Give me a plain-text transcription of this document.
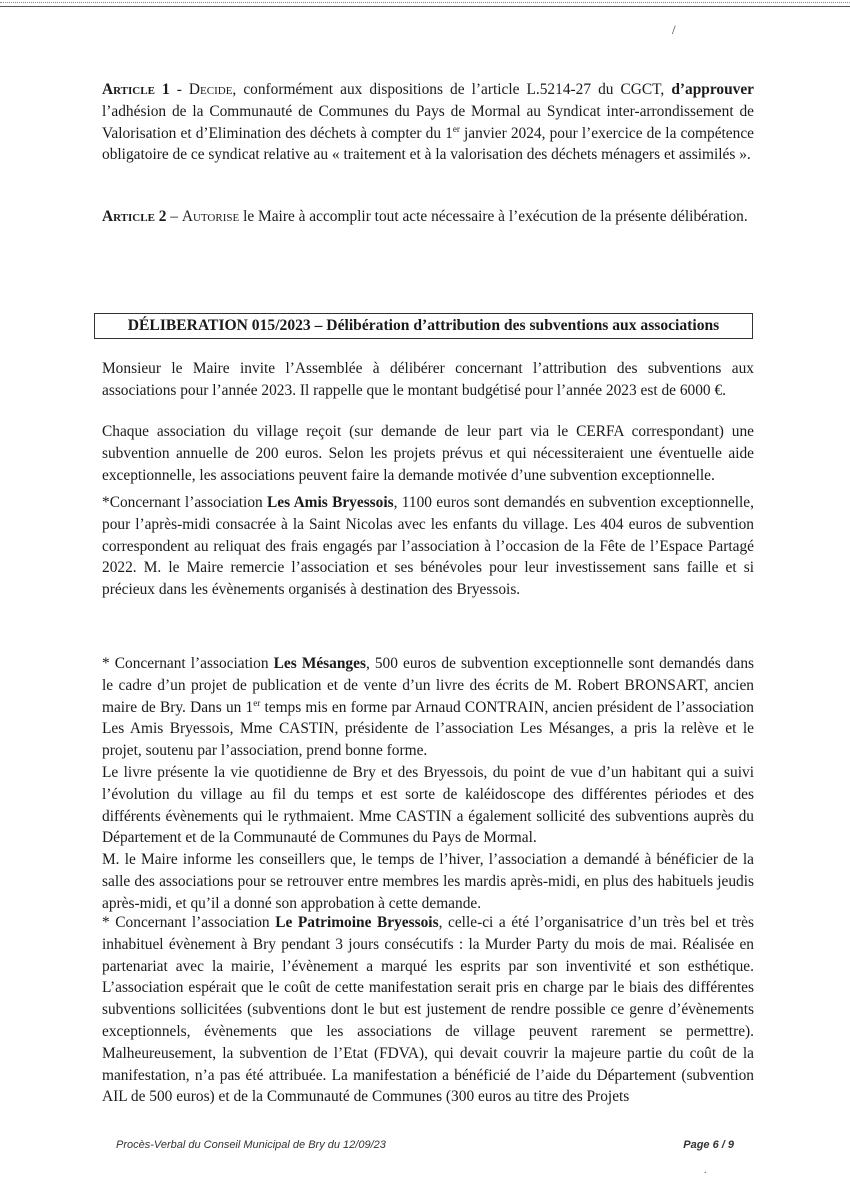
/

Article 1 - Decide, conformément aux dispositions de l’article L.5214-27 du CGCT, d’approuver l’adhésion de la Communauté de Communes du Pays de Mormal au Syndicat inter-arrondissement de Valorisation et d’Elimination des déchets à compter du 1er janvier 2024, pour l’exercice de la compétence obligatoire de ce syndicat relative au « traitement et à la valorisation des déchets ménagers et assimilés ».

Article 2 – Autorise le Maire à accomplir tout acte nécessaire à l’exécution de la présente délibération.

DÉLIBERATION 015/2023 – Délibération d’attribution des subventions aux associations

Monsieur le Maire invite l’Assemblée à délibérer concernant l’attribution des subventions aux associations pour l’année 2023. Il rappelle que le montant budgétisé pour l’année 2023 est de 6000 €.

Chaque association du village reçoit (sur demande de leur part via le CERFA correspondant) une subvention annuelle de 200 euros. Selon les projets prévus et qui nécessiteraient une éventuelle aide exceptionnelle, les associations peuvent faire la demande motivée d’une subvention exceptionnelle.

*Concernant l’association Les Amis Bryessois, 1100 euros sont demandés en subvention exceptionnelle, pour l’après-midi consacrée à la Saint Nicolas avec les enfants du village. Les 404 euros de subvention correspondent au reliquat des frais engagés par l’association à l’occasion de la Fête de l’Espace Partagé 2022. M. le Maire remercie l’association et ses bénévoles pour leur investissement sans faille et si précieux dans les évènements organisés à destination des Bryessois.

* Concernant l’association Les Mésanges, 500 euros de subvention exceptionnelle sont demandés dans le cadre d’un projet de publication et de vente d’un livre des écrits de M. Robert BRONSART, ancien maire de Bry. Dans un 1er temps mis en forme par Arnaud CONTRAIN, ancien président de l’association Les Amis Bryessois, Mme CASTIN, présidente de l’association Les Mésanges, a pris la relève et le projet, soutenu par l’association, prend bonne forme.

Le livre présente la vie quotidienne de Bry et des Bryessois, du point de vue d’un habitant qui a suivi l’évolution du village au fil du temps et est sorte de kaléidoscope des différentes périodes et des différents évènements qui le rythmaient. Mme CASTIN a également sollicité des subventions auprès du Département et de la Communauté de Communes du Pays de Mormal.

M. le Maire informe les conseillers que, le temps de l’hiver, l’association a demandé à bénéficier de la salle des associations pour se retrouver entre membres les mardis après-midi, en plus des habituels jeudis après-midi, et qu’il a donné son approbation à cette demande.

* Concernant l’association Le Patrimoine Bryessois, celle-ci a été l’organisatrice d’un très bel et très inhabituel évènement à Bry pendant 3 jours consécutifs : la Murder Party du mois de mai. Réalisée en partenariat avec la mairie, l’évènement a marqué les esprits par son inventivité et son esthétique. L’association espérait que le coût de cette manifestation serait pris en charge par le biais des différentes subventions sollicitées (subventions dont le but est justement de rendre possible ce genre d’évènements exceptionnels, évènements que les associations de village peuvent rarement se permettre). Malheureusement, la subvention de l’Etat (FDVA), qui devait couvrir la majeure partie du coût de la manifestation, n’a pas été attribuée. La manifestation a bénéficié de l’aide du Département (subvention AIL de 500 euros) et de la Communauté de Communes (300 euros au titre des Projets

Procès-Verbal du Conseil Municipal de Bry du 12/09/23	Page 6 / 9
.
